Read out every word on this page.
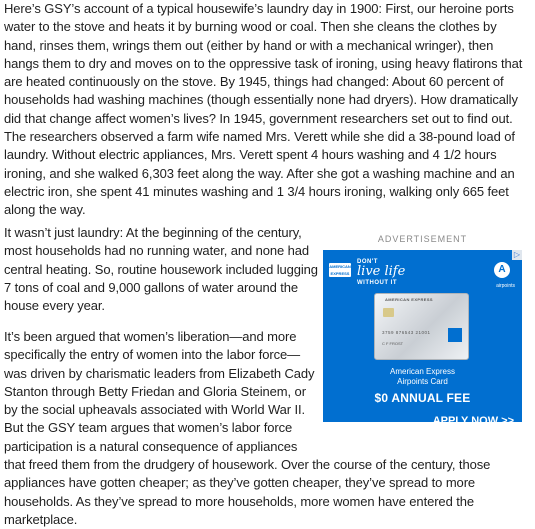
Here’s GSY’s account of a typical housewife’s laundry day in 1900: First, our heroine ports water to the stove and heats it by burning wood or coal. Then she cleans the clothes by hand, rinses them, wrings them out (either by hand or with a mechanical wringer), then hangs them to dry and moves on to the oppressive task of ironing, using heavy flatirons that are heated continuously on the stove. By 1945, things had changed: About 60 percent of households had washing machines (though essentially none had dryers). How dramatically did that change affect women’s lives? In 1945, government researchers set out to find out. The researchers observed a farm wife named Mrs. Verett while she did a 38-pound load of laundry. Without electric appliances, Mrs. Verett spent 4 hours washing and 4 1/2 hours ironing, and she walked 6,303 feet along the way. After she got a washing machine and an electric iron, she spent 41 minutes washing and 1 3/4 hours ironing, walking only 665 feet along the way.

It wasn’t just laundry: At the beginning of the century, most households had no running water, and none had central heating. So, routine housework included lugging 7 tons of coal and 9,000 gallons of water around the house every year.

It’s been argued that women’s liberation—and more specifically the entry of women into the labor force—was driven by charismatic leaders from Elizabeth Cady Stanton through Betty Friedan and Gloria Steinem, or by the social upheavals associated with World War II. But the GSY team argues that women’s labor force participation is a natural consequence of appliances that freed them from the drudgery of housework. Over the course of the century, those appliances have gotten cheaper; as they’ve gotten cheaper, they’ve spread to more households. As they’ve spread to more households, more women have entered the marketplace.

ADVERTISEMENT
▷
AMERICAN EXPRESS
DON'T
live life
WITHOUT IT
A
airpoints
AMERICAN EXPRESS
3759 876543 21001
C F FROST
American Express
Airpoints Card
$0 ANNUAL FEE
APPLY NOW >>
